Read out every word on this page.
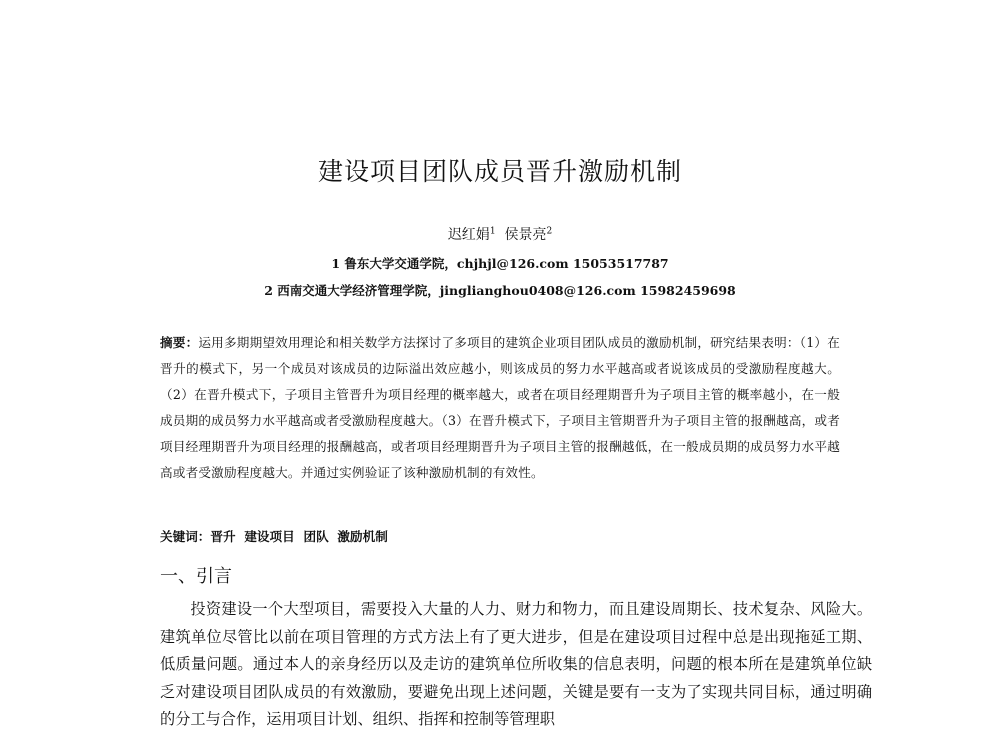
建设项目团队成员晋升激励机制
迟红娟$^1$ 侯景亮$^2$
1 鲁东大学交通学院，chjhjl@126.com 15053517787
2 西南交通大学经济管理学院，jinglianghou0408@126.com 15982459698
摘要：运用多期期望效用理论和相关数学方法探讨了多项目的建筑企业项目团队成员的激励机制，研究结果表明：（1）在晋升的模式下，另一个成员对该成员的边际溢出效应越小，则该成员的努力水平越高或者说该成员的受激励程度越大。（2）在晋升模式下，子项目主管晋升为项目经理的概率越大，或者在项目经理期晋升为子项目主管的概率越小，在一般成员期的成员努力水平越高或者受激励程度越大。（3）在晋升模式下，子项目主管期晋升为子项目主管的报酬越高，或者项目经理期晋升为项目经理的报酬越高，或者项目经理期晋升为子项目主管的报酬越低，在一般成员期的成员努力水平越高或者受激励程度越大。并通过实例验证了该种激励机制的有效性。
关键词：晋升  建设项目  团队  激励机制
一、引言
投资建设一个大型项目，需要投入大量的人力、财力和物力，而且建设周期长、技术复杂、风险大。建筑单位尽管比以前在项目管理的方式方法上有了更大进步，但是在建设项目过程中总是出现拖延工期、低质量问题。通过本人的亲身经历以及走访的建筑单位所收集的信息表明，问题的根本所在是建筑单位缺乏对建设项目团队成员的有效激励，要避免出现上述问题，关键是要有一支为了实现共同目标，通过明确的分工与合作，运用项目计划、组织、指挥和控制等管理职
